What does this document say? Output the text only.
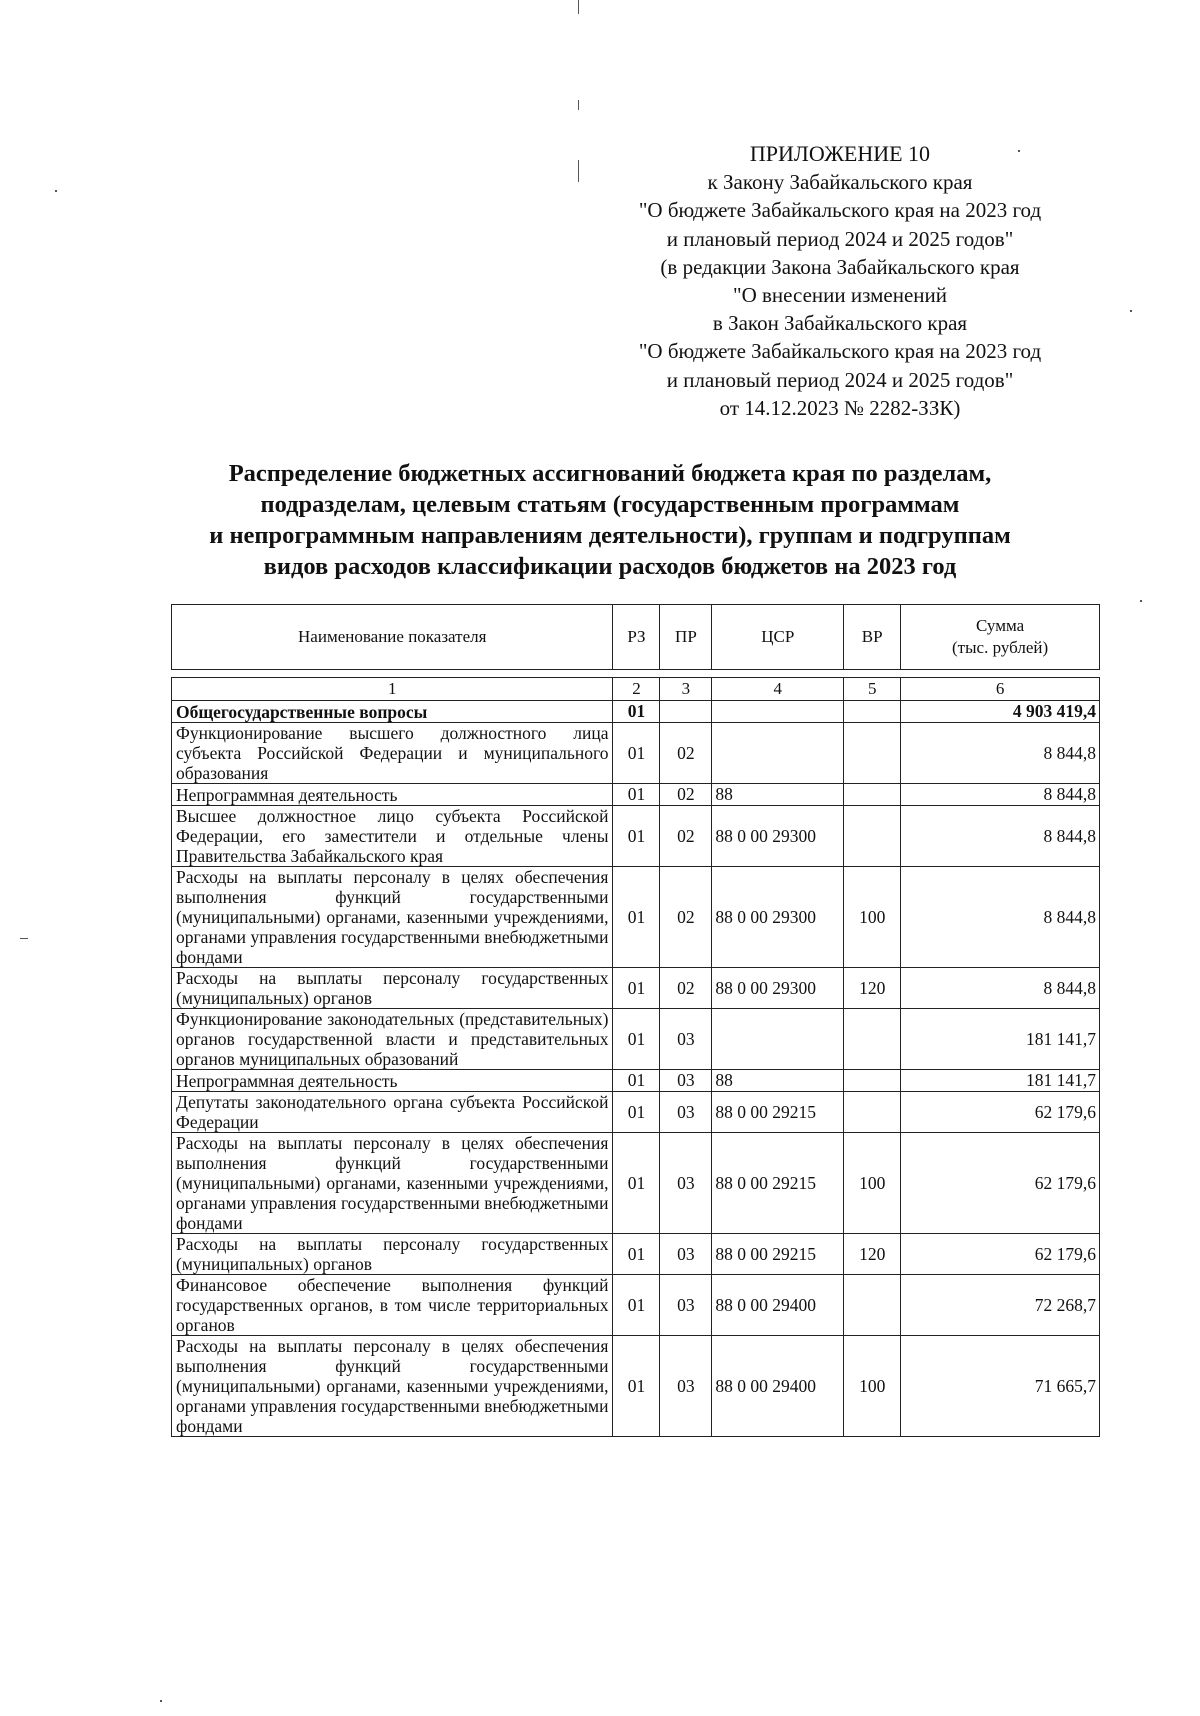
ПРИЛОЖЕНИЕ 10
к Закону Забайкальского края
"О бюджете Забайкальского края на 2023 год
и плановый период 2024 и 2025 годов"
(в редакции Закона Забайкальского края
"О внесении изменений
в Закон Забайкальского края
"О бюджете Забайкальского края на 2023 год
и плановый период 2024 и 2025 годов"
от 14.12.2023 № 2282-ЗЗК)
Распределение бюджетных ассигнований бюджета края по разделам,
подразделам, целевым статьям (государственным программам
и непрограммным направлениям деятельности), группам и подгруппам
видов расходов классификации расходов бюджетов на 2023 год
Наименование показателя	РЗ	ПР	ЦСР	ВР	Сумма
(тыс. рублей)
1	2	3	4	5	6
Общегосударственные вопросы	01				4 903 419,4
Функционирование высшего должностного лица субъекта Российской Федерации и муниципального образования	01	02			8 844,8
Непрограммная деятельность	01	02	88		8 844,8
Высшее должностное лицо субъекта Российской Федерации, его заместители и отдельные члены Правительства Забайкальского края	01	02	88 0 00 29300		8 844,8
Расходы на выплаты персоналу в целях обеспечения выполнения функций государственными (муниципальными) органами, казенными учреждениями, органами управления государственными внебюджетными фондами	01	02	88 0 00 29300	100	8 844,8
Расходы на выплаты персоналу государственных (муниципальных) органов	01	02	88 0 00 29300	120	8 844,8
Функционирование законодательных (представительных) органов государственной власти и представительных органов муниципальных образований	01	03			181 141,7
Непрограммная деятельность	01	03	88		181 141,7
Депутаты законодательного органа субъекта Российской Федерации	01	03	88 0 00 29215		62 179,6
Расходы на выплаты персоналу в целях обеспечения выполнения функций государственными (муниципальными) органами, казенными учреждениями, органами управления государственными внебюджетными фондами	01	03	88 0 00 29215	100	62 179,6
Расходы на выплаты персоналу государственных (муниципальных) органов	01	03	88 0 00 29215	120	62 179,6
Финансовое обеспечение выполнения функций государственных органов, в том числе территориальных органов	01	03	88 0 00 29400		72 268,7
Расходы на выплаты персоналу в целях обеспечения выполнения функций государственными (муниципальными) органами, казенными учреждениями, органами управления государственными внебюджетными фондами	01	03	88 0 00 29400	100	71 665,7
